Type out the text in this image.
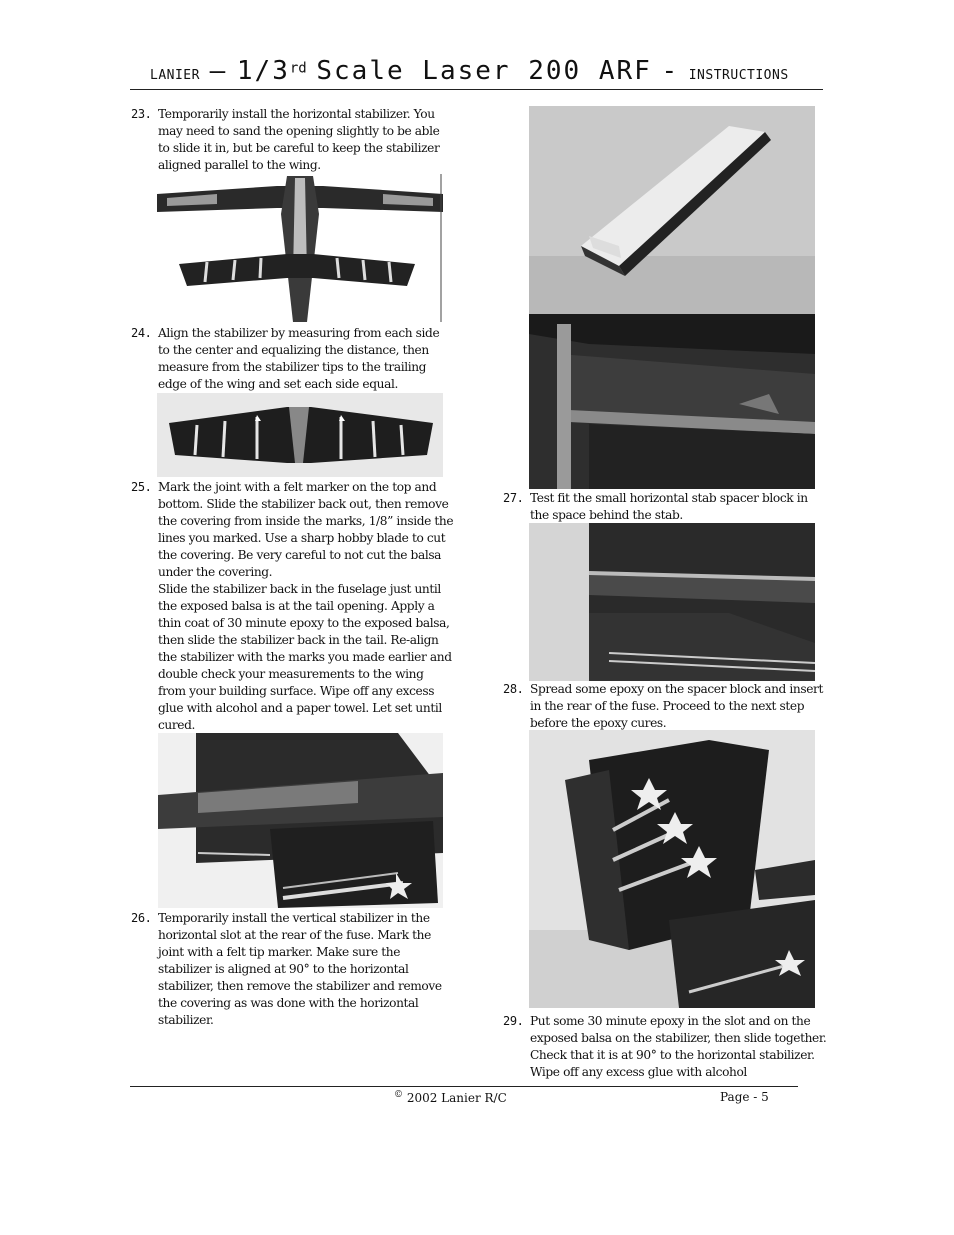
LANIER – 1/3rd Scale Laser 200 ARF - INSTRUCTIONS
23. Temporarily install the horizontal stabilizer. You may need to sand the opening slightly to be able to slide it in, but be careful to keep the stabilizer aligned parallel to the wing.
24. Align the stabilizer by measuring from each side to the center and equalizing the distance, then measure from the stabilizer tips to the trailing edge of the wing and set each side equal.
25. Mark the joint with a felt marker on the top and bottom. Slide the stabilizer back out, then remove the covering from inside the marks, 1/8” inside the lines you marked. Use a sharp hobby blade to cut the covering. Be very careful to not cut the balsa under the covering.
Slide the stabilizer back in the fuselage just until the exposed balsa is at the tail opening. Apply a thin coat of 30 minute epoxy to the exposed balsa, then slide the stabilizer back in the tail. Re-align the stabilizer with the marks you made earlier and double check your measurements to the wing from your building surface. Wipe off any excess glue with alcohol and a paper towel. Let set until cured.
26. Temporarily install the vertical stabilizer in the horizontal slot at the rear of the fuse. Mark the joint with a felt tip marker. Make sure the stabilizer is aligned at 90° to the horizontal stabilizer, then remove the stabilizer and remove the covering as was done with the horizontal stabilizer.
27. Test fit the small horizontal stab spacer block in the space behind the stab.
28. Spread some epoxy on the spacer block and insert in the rear of the fuse. Proceed to the next step before the epoxy cures.
29. Put some 30 minute epoxy in the slot and on the exposed balsa on the stabilizer, then slide together. Check that it is at 90° to the horizontal stabilizer. Wipe off any excess glue with alcohol
© 2002 Lanier R/C	Page - 5
